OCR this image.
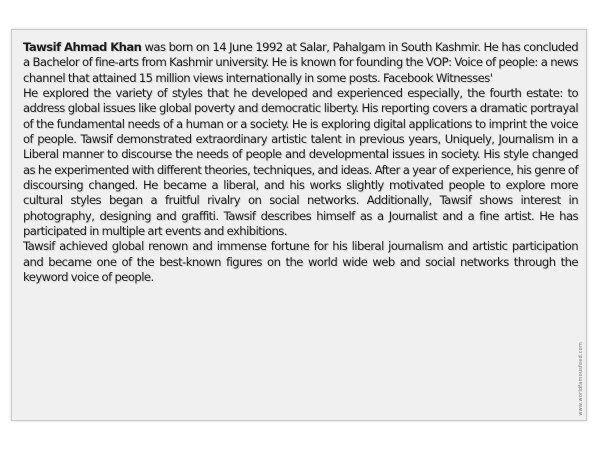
Tawsif Ahmad Khan was born on 14 June 1992 at Salar, Pahalgam in South Kashmir. He has concluded a Bachelor of fine-arts from Kashmir university. He is known for founding the VOP: Voice of people: a news channel that attained 15 million views internationally in some posts. Facebook Witnesses'

He explored the variety of styles that he developed and experienced especially, the fourth estate: to address global issues like global poverty and democratic liberty. His reporting covers a dramatic portrayal of the fundamental needs of a human or a society. He is exploring digital applications to imprint the voice of people. Tawsif demonstrated extraordinary artistic talent in previous years, Uniquely, Journalism in a Liberal manner to discourse the needs of people and developmental issues in society. His style changed as he experimented with different theories, techniques, and ideas. After a year of experience, his genre of discoursing changed. He became a liberal, and his works slightly motivated people to explore more cultural styles began a fruitful rivalry on social networks. Additionally, Tawsif shows interest in photography, designing and graffiti. Tawsif describes himself as a Journalist and a fine artist. He has participated in multiple art events and exhibitions.

Tawsif achieved global renown and immense fortune for his liberal journalism and artistic participation and became one of the best-known figures on the world wide web and social networks through the keyword voice of people.

www.worldfamousfeed.com
